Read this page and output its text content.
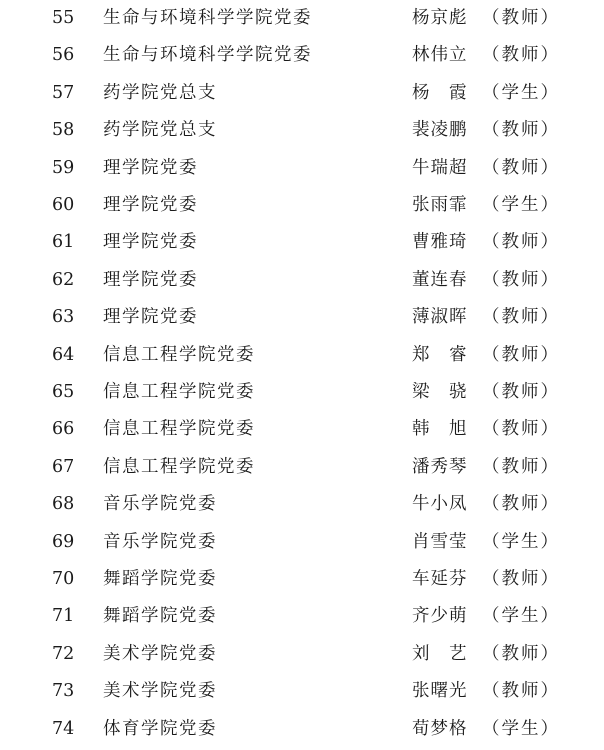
55	生命与环境科学学院党委	杨京彪 （教师）
56	生命与环境科学学院党委	林伟立 （教师）
57	药学院党总支	杨　霞 （学生）
58	药学院党总支	裴凌鹏 （教师）
59	理学院党委	牛瑞超 （教师）
60	理学院党委	张雨霏 （学生）
61	理学院党委	曹雅琦 （教师）
62	理学院党委	董连春 （教师）
63	理学院党委	薄淑晖 （教师）
64	信息工程学院党委	郑　睿 （教师）
65	信息工程学院党委	梁　骁 （教师）
66	信息工程学院党委	韩　旭 （教师）
67	信息工程学院党委	潘秀琴 （教师）
68	音乐学院党委	牛小凤 （教师）
69	音乐学院党委	肖雪莹 （学生）
70	舞蹈学院党委	车延芬 （教师）
71	舞蹈学院党委	齐少萌 （学生）
72	美术学院党委	刘　艺 （教师）
73	美术学院党委	张曙光 （教师）
74	体育学院党委	荀梦格 （学生）
